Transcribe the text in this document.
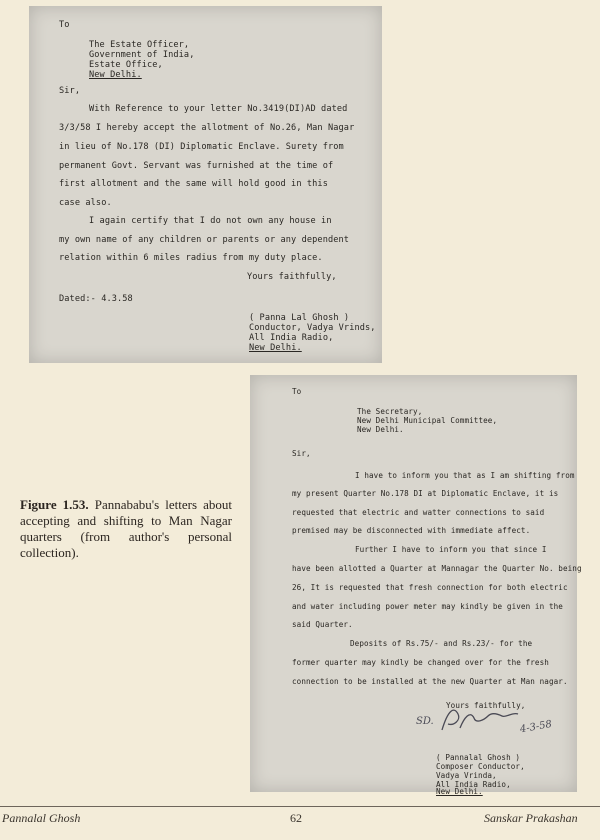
To
The Estate Officer,
Government of India,
Estate Office,
New Delhi.
Sir,
With Reference to your letter No.3419(DI)AD dated
3/3/58 I hereby accept the allotment of No.26, Man Nagar
in lieu of No.178 (DI) Diplomatic Enclave. Surety from
permanent Govt. Servant was furnished at the time of
first allotment and the same will hold good in this
case also.
I again certify that I do not own any house in
my own name of any children or parents or any dependent
relation within 6 miles radius from my duty place.
Yours faithfully,
Dated:- 4.3.58
( Panna Lal Ghosh )
Conductor, Vadya Vrinds,
All India Radio,
New Delhi.
To
The Secretary,
New Delhi Municipal Committee,
New Delhi.
Sir,
I have to inform you that as I am shifting from
my present Quarter No.178 DI at Diplomatic Enclave, it is
requested that electric and watter connections to said
premised may be disconnected with immediate affect.
Further I have to inform you that since I
have been allotted a Quarter at Mannagar the Quarter No. being
26, It is requested that fresh connection for both electric
and water including power meter may kindly be given in the
said Quarter.
Deposits of Rs.75/- and Rs.23/- for the
former quarter may kindly be changed over for the fresh
connection to be installed at the new Quarter at Man nagar.
Yours faithfully,
( Pannalal Ghosh )
Composer Conductor,
Vadya Vrinda,
All India Radio,
New Delhi.
SD.	4-3-58
Figure 1.53. Pannababu's letters about accepting and shifting to Man Nagar quarters (from author's personal collection).
Pannalal Ghosh	62	Sanskar Prakashan
